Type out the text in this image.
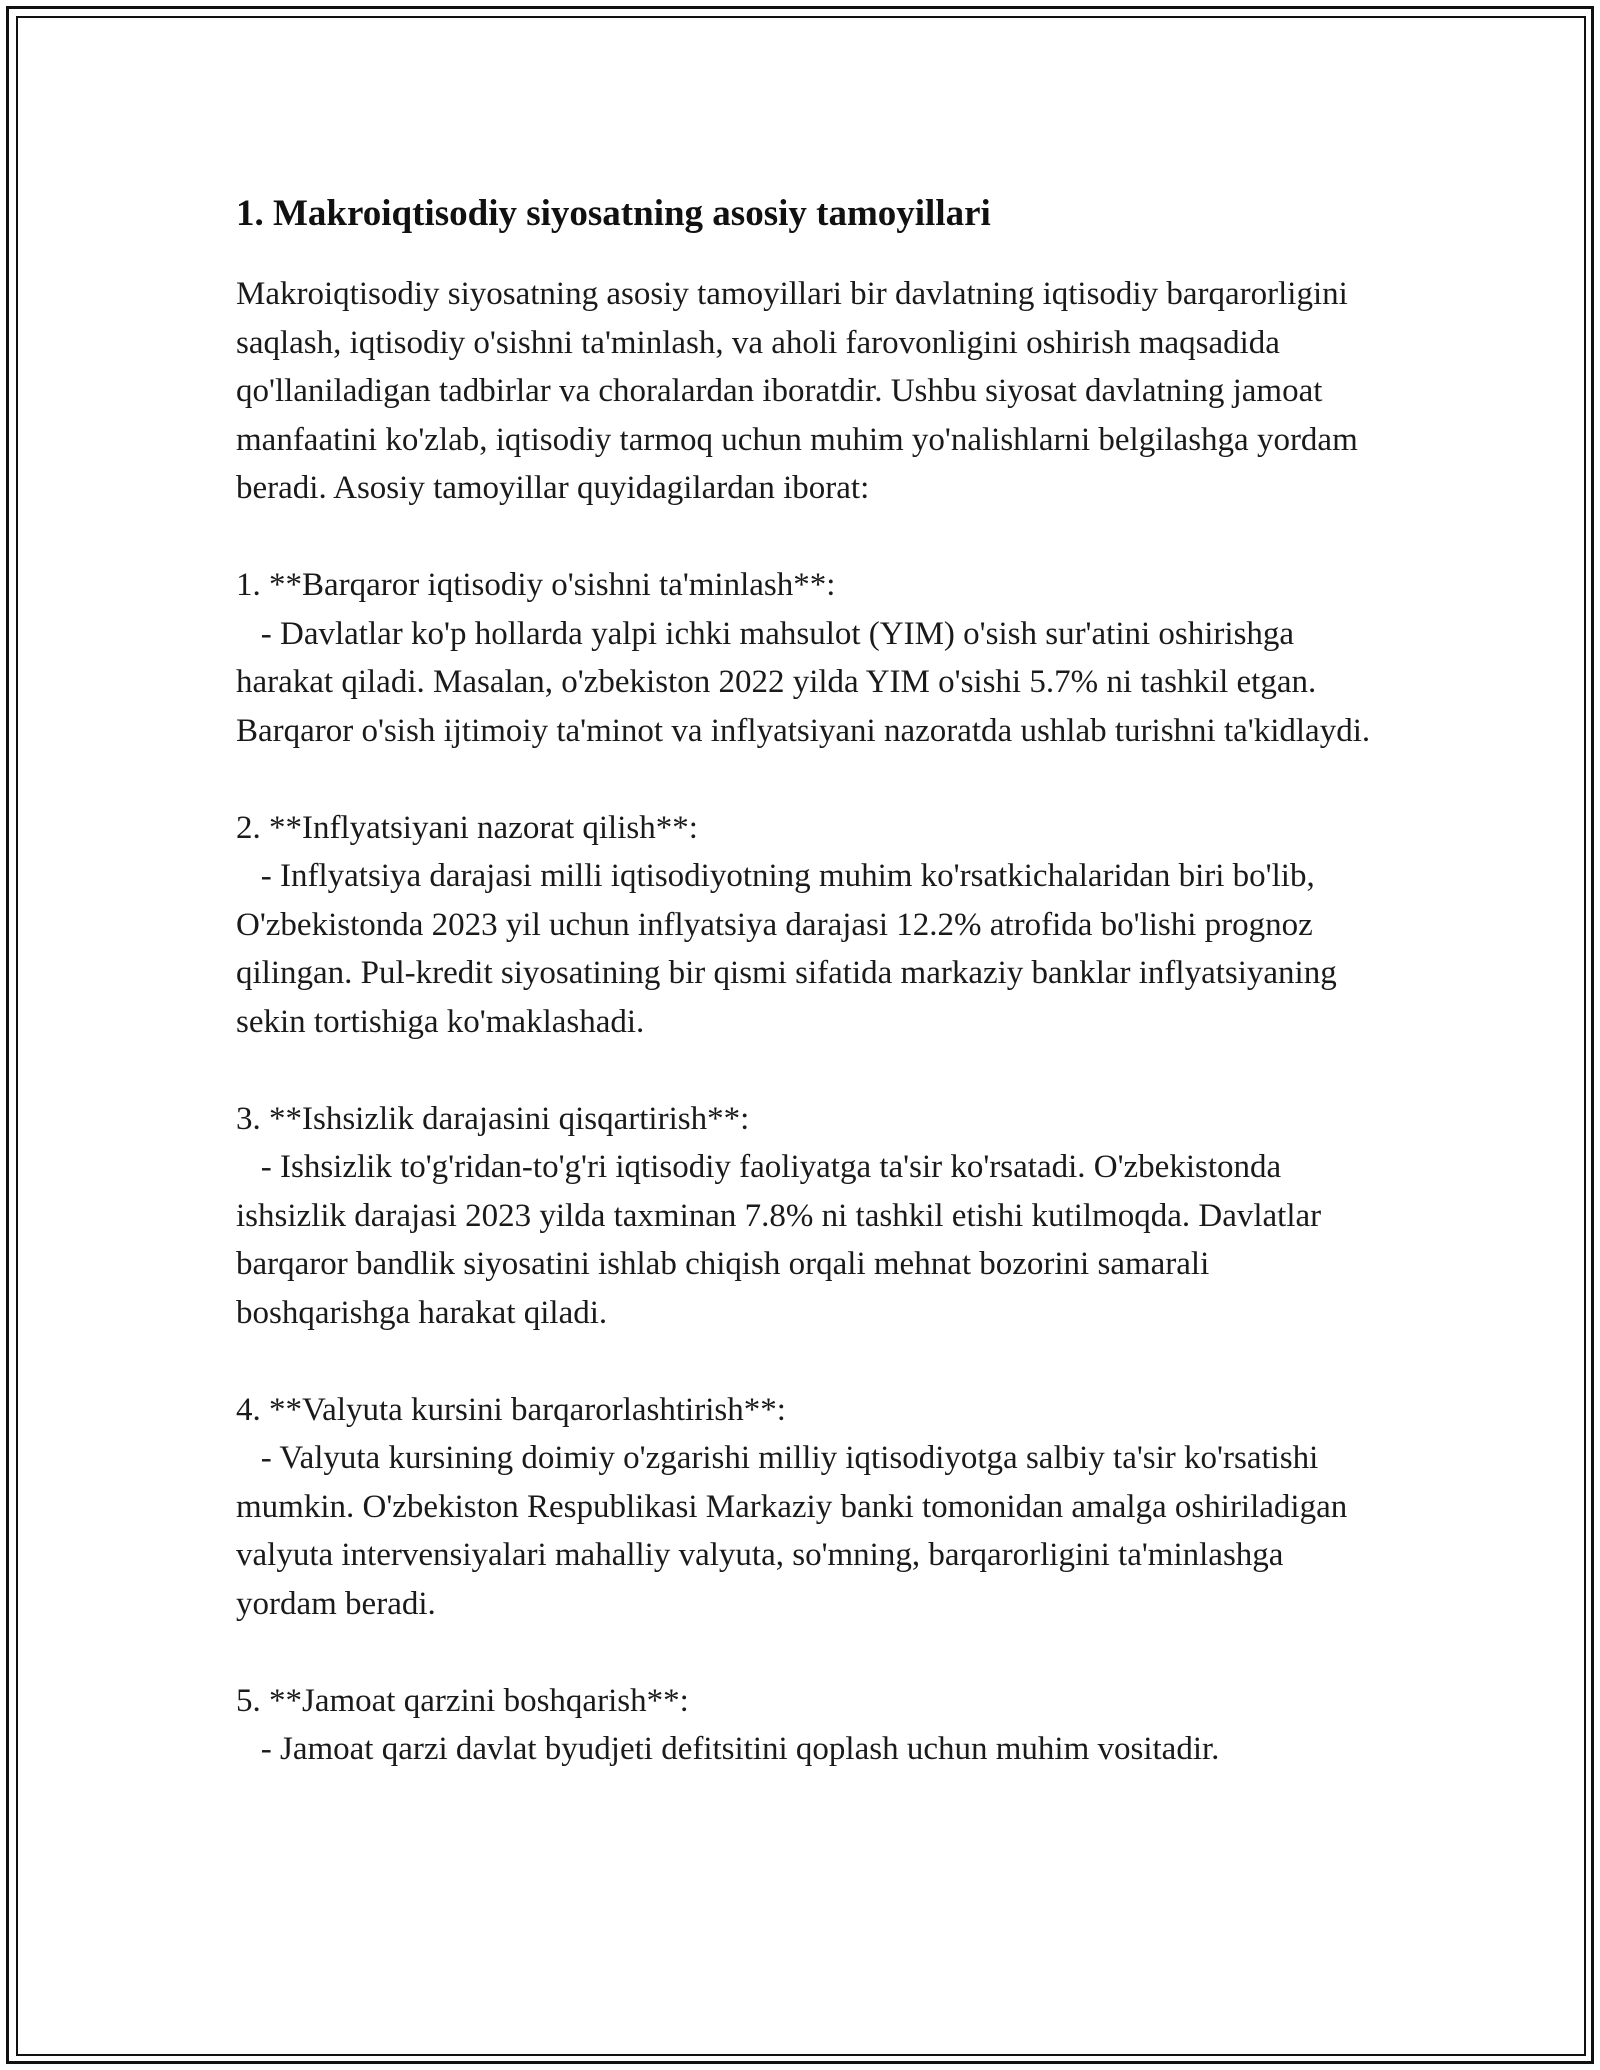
1. Makroiqtisodiy siyosatning asosiy tamoyillari

Makroiqtisodiy siyosatning asosiy tamoyillari bir davlatning iqtisodiy barqarorligini saqlash, iqtisodiy o'sishni ta'minlash, va aholi farovonligini oshirish maqsadida qo'llaniladigan tadbirlar va choralardan iboratdir. Ushbu siyosat davlatning jamoat manfaatini ko'zlab, iqtisodiy tarmoq uchun muhim yo'nalishlarni belgilashga yordam beradi. Asosiy tamoyillar quyidagilardan iborat:

1. **Barqaror iqtisodiy o'sishni ta'minlash**:

- Davlatlar ko'p hollarda yalpi ichki mahsulot (YIM) o'sish sur'atini oshirishga harakat qiladi. Masalan, o'zbekiston 2022 yilda YIM o'sishi 5.7% ni tashkil etgan. Barqaror o'sish ijtimoiy ta'minot va inflyatsiyani nazoratda ushlab turishni ta'kidlaydi.

2. **Inflyatsiyani nazorat qilish**:

- Inflyatsiya darajasi milli iqtisodiyotning muhim ko'rsatkichalaridan biri bo'lib, O'zbekistonda 2023 yil uchun inflyatsiya darajasi 12.2% atrofida bo'lishi prognoz qilingan. Pul-kredit siyosatining bir qismi sifatida markaziy banklar inflyatsiyaning sekin tortishiga ko'maklashadi.

3. **Ishsizlik darajasini qisqartirish**:

- Ishsizlik to'g'ridan-to'g'ri iqtisodiy faoliyatga ta'sir ko'rsatadi. O'zbekistonda ishsizlik darajasi 2023 yilda taxminan 7.8% ni tashkil etishi kutilmoqda. Davlatlar barqaror bandlik siyosatini ishlab chiqish orqali mehnat bozorini samarali boshqarishga harakat qiladi.

4. **Valyuta kursini barqarorlashtirish**:

- Valyuta kursining doimiy o'zgarishi milliy iqtisodiyotga salbiy ta'sir ko'rsatishi mumkin. O'zbekiston Respublikasi Markaziy banki tomonidan amalga oshiriladigan valyuta intervensiyalari mahalliy valyuta, so'mning, barqarorligini ta'minlashga yordam beradi.

5. **Jamoat qarzini boshqarish**:

- Jamoat qarzi davlat byudjeti defitsitini qoplash uchun muhim vositadir.
